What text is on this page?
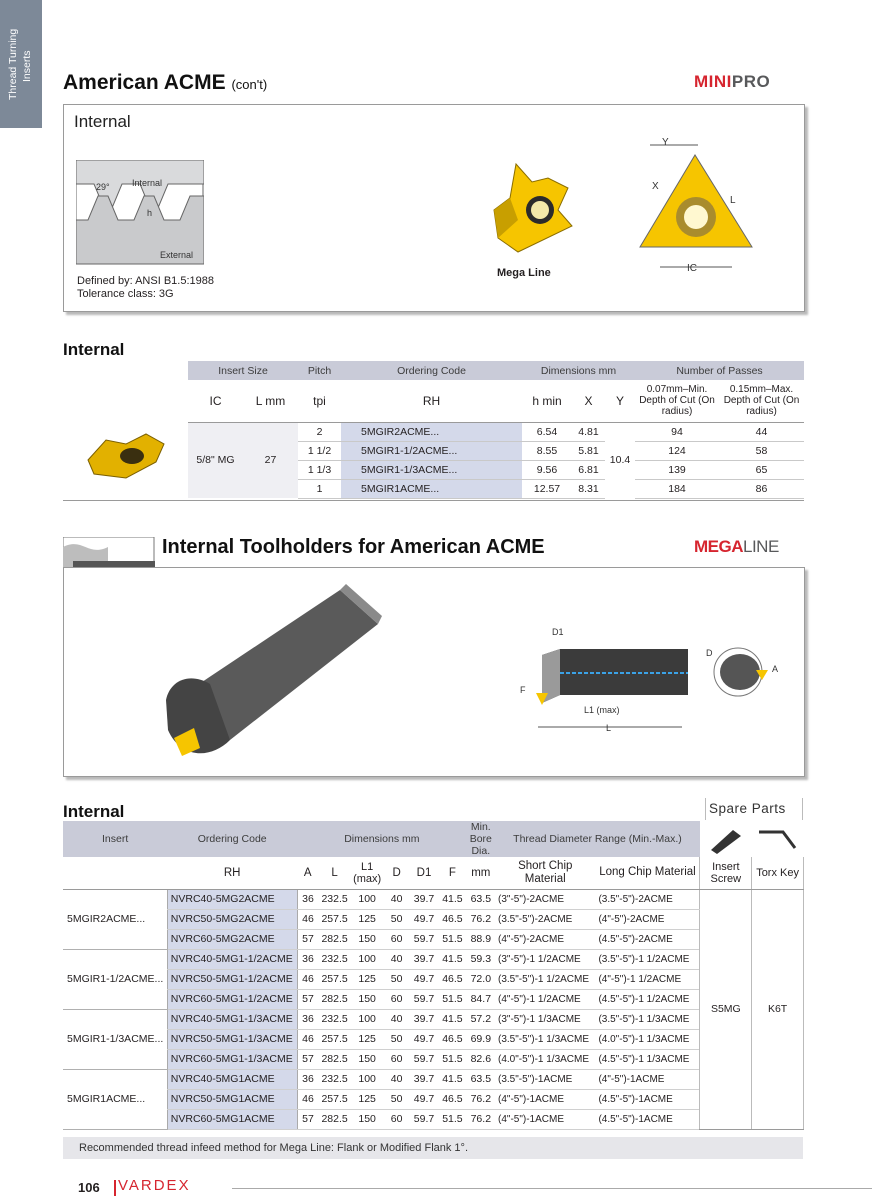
Thread Turning Inserts
American ACME (con't)	MINIPRO
Internal
29° Internal
h
External
Defined by: ANSI B1.5:1988
Tolerance class: 3G
Mega Line
Y
X
L
IC
Internal
Insert Size		Pitch	Ordering Code	Dimensions mm			Number of Passes	
IC	L mm	tpi	RH	h min	X	Y	0.07mm–Min. Depth of Cut (On radius)	0.15mm–Max. Depth of Cut (On radius)
5/8" MG	27	2	5MGIR2ACME...	6.54	4.81	10.4	94	44
		1 1/2	5MGIR1-1/2ACME...	8.55	5.81		124	58
		1 1/3	5MGIR1-1/3ACME...	9.56	6.81		139	65
		1	5MGIR1ACME...	12.57	8.31		184	86
Internal Toolholders for American ACME	MEGALINE
D1
F
L1 (max)
L
D
A
Internal	Spare Parts
Insert	Ordering Code	Dimensions mm						Min. Bore Dia.	Thread Diameter Range (Min.-Max.)	

	RH	A	L	L1 (max)	D	D1	F	mm	Short Chip Material	Long Chip Material	Insert Screw	Torx Key
5MGIR2ACME...	NVRC40-5MG2ACME	36	232.5	100	40	39.7	41.5	63.5	(3"-5")-2ACME	(3.5"-5")-2ACME	S5MG	K6T
	NVRC50-5MG2ACME	46	257.5	125	50	49.7	46.5	76.2	(3.5"-5")-2ACME	(4"-5")-2ACME		
	NVRC60-5MG2ACME	57	282.5	150	60	59.7	51.5	88.9	(4"-5")-2ACME	(4.5"-5")-2ACME		
5MGIR1-1/2ACME...	NVRC40-5MG1-1/2ACME	36	232.5	100	40	39.7	41.5	59.3	(3"-5")-1 1/2ACME	(3.5"-5")-1 1/2ACME		
	NVRC50-5MG1-1/2ACME	46	257.5	125	50	49.7	46.5	72.0	(3.5"-5")-1 1/2ACME	(4"-5")-1 1/2ACME		
	NVRC60-5MG1-1/2ACME	57	282.5	150	60	59.7	51.5	84.7	(4"-5")-1 1/2ACME	(4.5"-5")-1 1/2ACME		
5MGIR1-1/3ACME...	NVRC40-5MG1-1/3ACME	36	232.5	100	40	39.7	41.5	57.2	(3"-5")-1 1/3ACME	(3.5"-5")-1 1/3ACME		
	NVRC50-5MG1-1/3ACME	46	257.5	125	50	49.7	46.5	69.9	(3.5"-5")-1 1/3ACME	(4.0"-5")-1 1/3ACME		
	NVRC60-5MG1-1/3ACME	57	282.5	150	60	59.7	51.5	82.6	(4.0"-5")-1 1/3ACME	(4.5"-5")-1 1/3ACME		
5MGIR1ACME...	NVRC40-5MG1ACME	36	232.5	100	40	39.7	41.5	63.5	(3.5"-5")-1ACME	(4"-5")-1ACME		
	NVRC50-5MG1ACME	46	257.5	125	50	49.7	46.5	76.2	(4"-5")-1ACME	(4.5"-5")-1ACME		
	NVRC60-5MG1ACME	57	282.5	150	60	59.7	51.5	76.2	(4"-5")-1ACME	(4.5"-5")-1ACME		
Recommended thread infeed method for Mega Line: Flank or Modified Flank 1°.
106 VARDEX
